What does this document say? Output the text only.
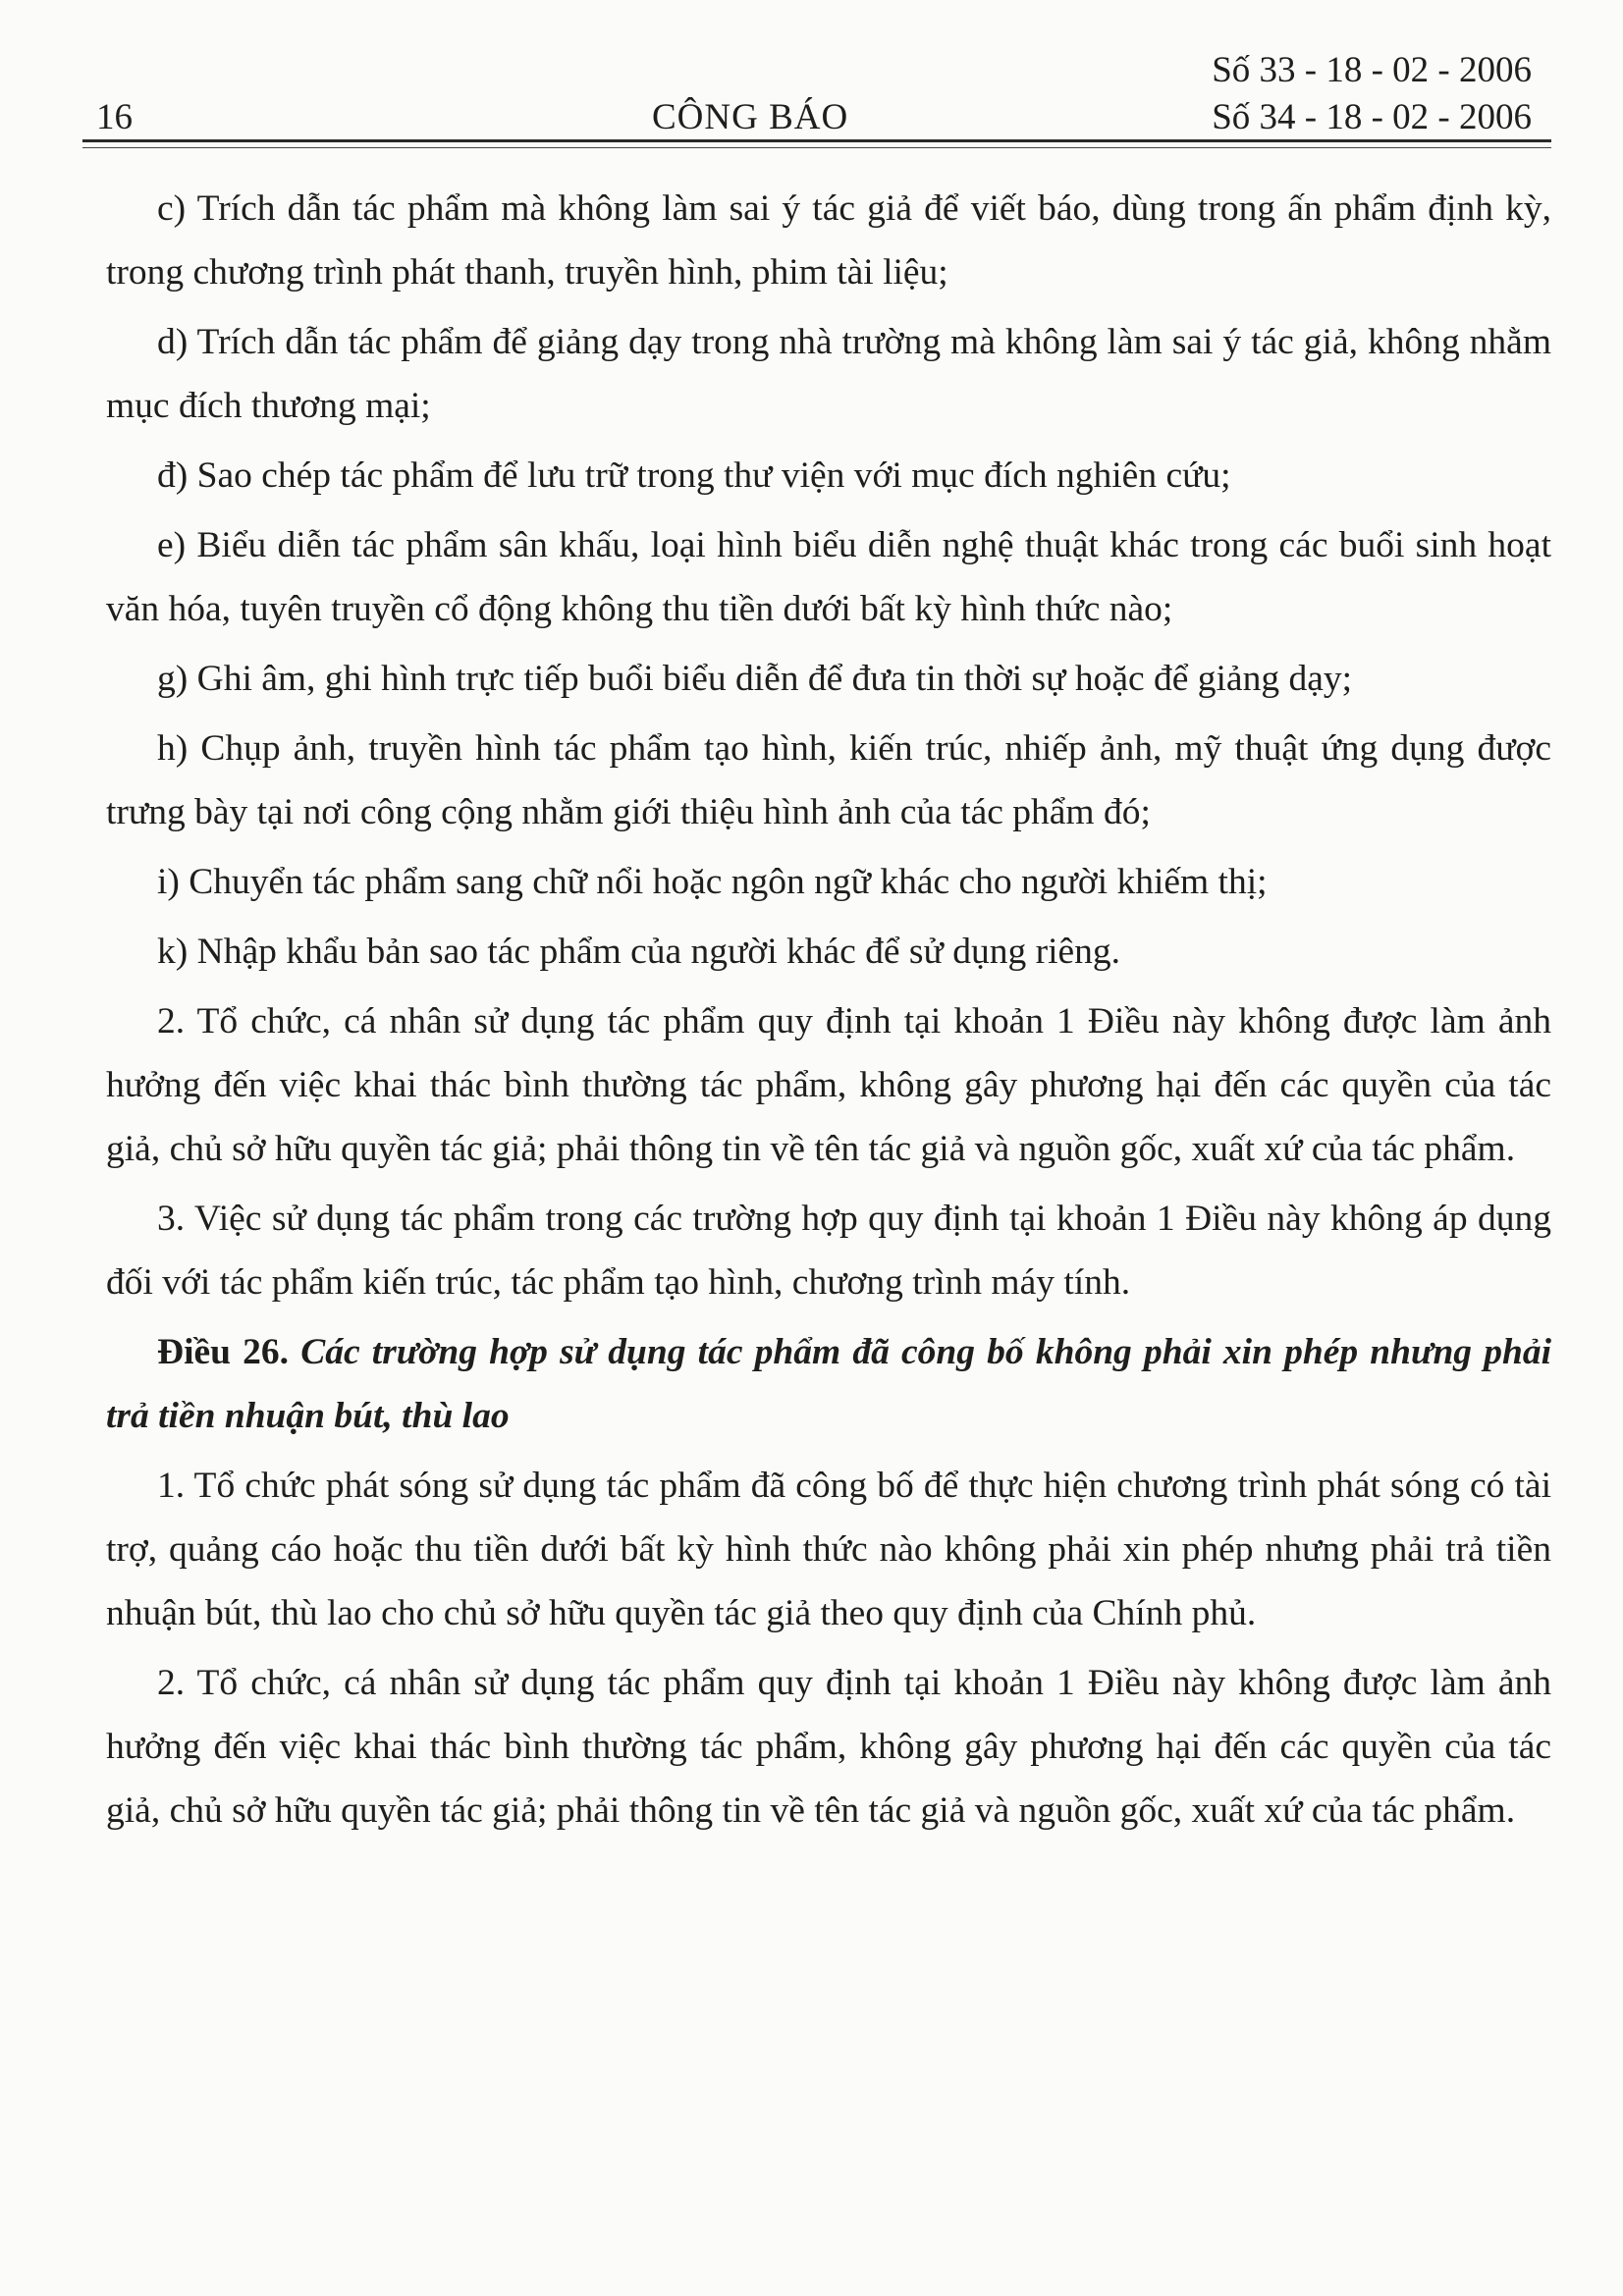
16	CÔNG BÁO
Số 33 - 18 - 02 - 2006
Số 34 - 18 - 02 - 2006

c) Trích dẫn tác phẩm mà không làm sai ý tác giả để viết báo, dùng trong ấn phẩm định kỳ, trong chương trình phát thanh, truyền hình, phim tài liệu;

d) Trích dẫn tác phẩm để giảng dạy trong nhà trường mà không làm sai ý tác giả, không nhằm mục đích thương mại;

đ) Sao chép tác phẩm để lưu trữ trong thư viện với mục đích nghiên cứu;

e) Biểu diễn tác phẩm sân khấu, loại hình biểu diễn nghệ thuật khác trong các buổi sinh hoạt văn hóa, tuyên truyền cổ động không thu tiền dưới bất kỳ hình thức nào;

g) Ghi âm, ghi hình trực tiếp buổi biểu diễn để đưa tin thời sự hoặc để giảng dạy;

h) Chụp ảnh, truyền hình tác phẩm tạo hình, kiến trúc, nhiếp ảnh, mỹ thuật ứng dụng được trưng bày tại nơi công cộng nhằm giới thiệu hình ảnh của tác phẩm đó;

i) Chuyển tác phẩm sang chữ nổi hoặc ngôn ngữ khác cho người khiếm thị;

k) Nhập khẩu bản sao tác phẩm của người khác để sử dụng riêng.

2. Tổ chức, cá nhân sử dụng tác phẩm quy định tại khoản 1 Điều này không được làm ảnh hưởng đến việc khai thác bình thường tác phẩm, không gây phương hại đến các quyền của tác giả, chủ sở hữu quyền tác giả; phải thông tin về tên tác giả và nguồn gốc, xuất xứ của tác phẩm.

3. Việc sử dụng tác phẩm trong các trường hợp quy định tại khoản 1 Điều này không áp dụng đối với tác phẩm kiến trúc, tác phẩm tạo hình, chương trình máy tính.

Điều 26. Các trường hợp sử dụng tác phẩm đã công bố không phải xin phép nhưng phải trả tiền nhuận bút, thù lao

1. Tổ chức phát sóng sử dụng tác phẩm đã công bố để thực hiện chương trình phát sóng có tài trợ, quảng cáo hoặc thu tiền dưới bất kỳ hình thức nào không phải xin phép nhưng phải trả tiền nhuận bút, thù lao cho chủ sở hữu quyền tác giả theo quy định của Chính phủ.

2. Tổ chức, cá nhân sử dụng tác phẩm quy định tại khoản 1 Điều này không được làm ảnh hưởng đến việc khai thác bình thường tác phẩm, không gây phương hại đến các quyền của tác giả, chủ sở hữu quyền tác giả; phải thông tin về tên tác giả và nguồn gốc, xuất xứ của tác phẩm.
